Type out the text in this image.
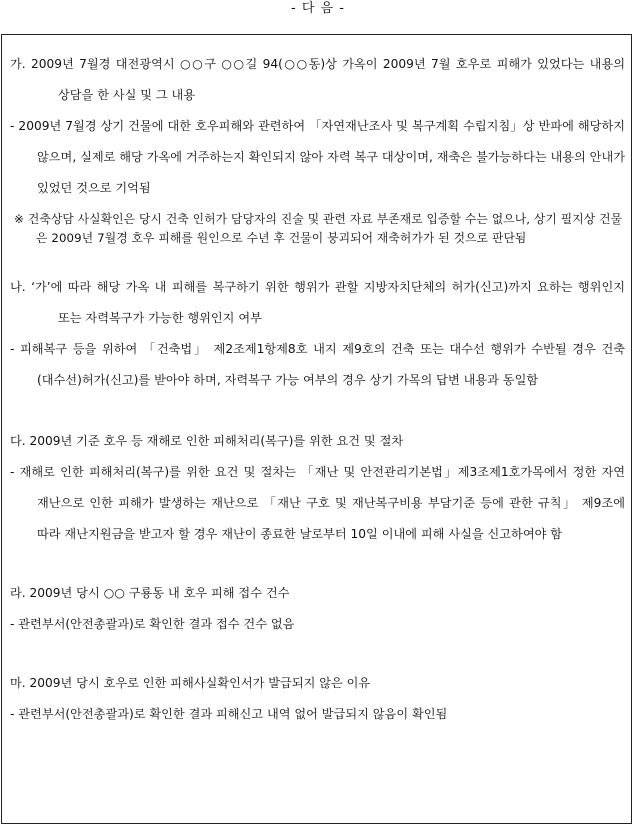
- 다 음 -
가. 2009년 7월경 대전광역시 ○○구 ○○길 94(○○동)상 가옥이 2009년 7월 호우로 피해가 있었다는 내용의 상담을 한 사실 및 그 내용
- 2009년 7월경 상기 건물에 대한 호우피해와 관련하여 「자연재난조사 및 복구계획 수립지침」상 반파에 해당하지 않으며, 실제로 해당 가옥에 거주하는지 확인되지 않아 자력 복구 대상이며, 재축은 불가능하다는 내용의 안내가 있었던 것으로 기억됨
※ 건축상담 사실확인은 당시 건축 인허가 담당자의 진술 및 관련 자료 부존재로 입증할 수는 없으나, 상기 필지상 건물은 2009년 7월경 호우 피해를 원인으로 수년 후 건물이 붕괴되어 재축허가가 된 것으로 판단됨
나. ‘가’에 따라 해당 가옥 내 피해를 복구하기 위한 행위가 관할 지방자치단체의 허가(신고)까지 요하는 행위인지 또는 자력복구가 가능한 행위인지 여부
- 피해복구 등을 위하여 「건축법」 제2조제1항제8호 내지 제9호의 건축 또는 대수선 행위가 수반될 경우 건축(대수선)허가(신고)를 받아야 하며, 자력복구 가능 여부의 경우 상기 가목의 답변 내용과 동일함
다. 2009년 기준 호우 등 재해로 인한 피해처리(복구)를 위한 요건 및 절차
- 재해로 인한 피해처리(복구)를 위한 요건 및 절차는 「재난 및 안전관리기본법」제3조제1호가목에서 정한 자연 재난으로 인한 피해가 발생하는 재난으로 「재난 구호 및 재난복구비용 부담기준 등에 관한 규칙」 제9조에 따라 재난지원금을 받고자 할 경우 재난이 종료한 날로부터 10일 이내에 피해 사실을 신고하여야 함
라. 2009년 당시 ○○ 구룡동 내 호우 피해 접수 건수
- 관련부서(안전총괄과)로 확인한 결과 접수 건수 없음
마. 2009년 당시 호우로 인한 피해사실확인서가 발급되지 않은 이유
- 관련부서(안전총괄과)로 확인한 결과 피해신고 내역 없어 발급되지 않음이 확인됨
